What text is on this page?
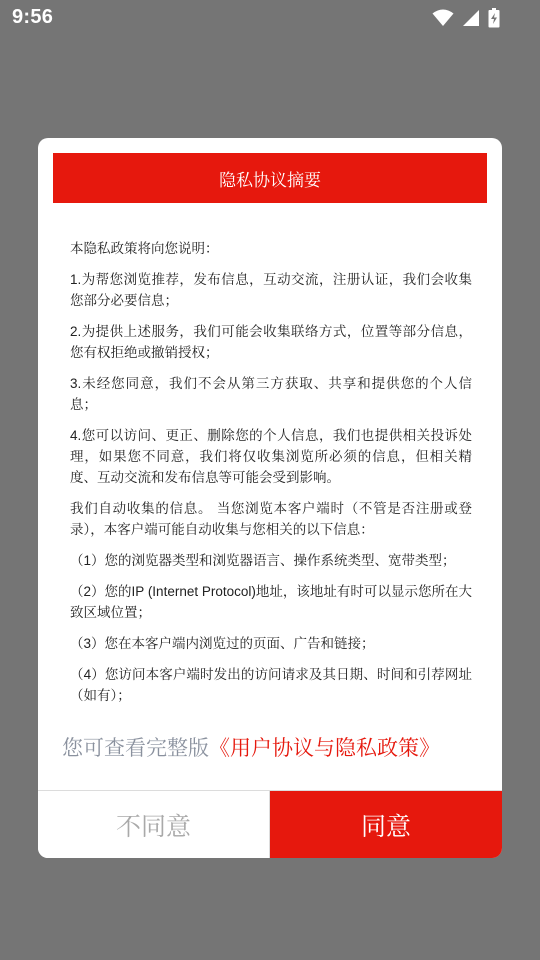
9:56
隐私协议摘要

本隐私政策将向您说明：

1.为帮您浏览推荐，发布信息，互动交流，注册认证，我们会收集您部分必要信息；

2.为提供上述服务，我们可能会收集联络方式，位置等部分信息，您有权拒绝或撤销授权；

3.未经您同意，我们不会从第三方获取、共享和提供您的个人信息；

4.您可以访问、更正、删除您的个人信息，我们也提供相关投诉处理，如果您不同意，我们将仅收集浏览所必须的信息，但相关精度、互动交流和发布信息等可能会受到影响。

我们自动收集的信息。 当您浏览本客户端时（不管是否注册或登录），本客户端可能自动收集与您相关的以下信息：

（1）您的浏览器类型和浏览器语言、操作系统类型、宽带类型；

（2）您的IP (Internet Protocol)地址，该地址有时可以显示您所在大致区域位置；

（3）您在本客户端内浏览过的页面、广告和链接；

（4）您访问本客户端时发出的访问请求及其日期、时间和引荐网址（如有）；

您可查看完整版《用户协议与隐私政策》
不同意	同意
